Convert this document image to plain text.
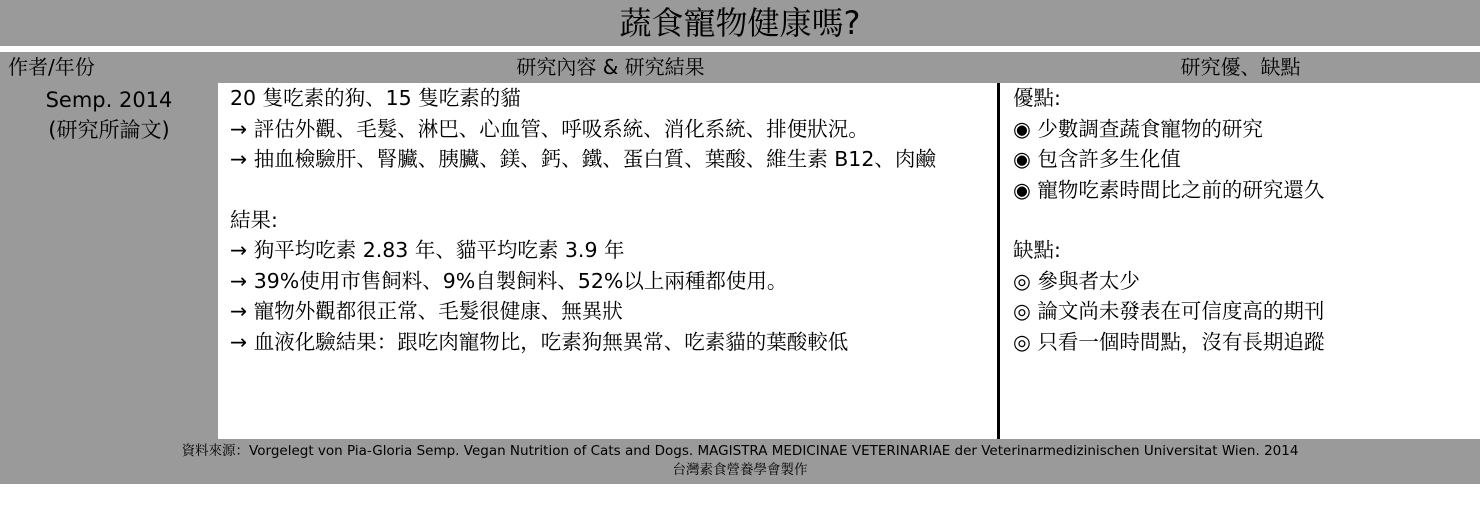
蔬食寵物健康嗎?
作者/年份	研究內容 & 研究結果	研究優、缺點
Semp. 2014
(研究所論文)
20 隻吃素的狗、15 隻吃素的貓
→ 評估外觀、毛髮、淋巴、心血管、呼吸系統、消化系統、排便狀況。
→ 抽血檢驗肝、腎臟、胰臟、鎂、鈣、鐵、蛋白質、葉酸、維生素 B12、肉鹼
結果:
→ 狗平均吃素 2.83 年、貓平均吃素 3.9 年
→ 39%使用市售飼料、9%自製飼料、52%以上兩種都使用。
→ 寵物外觀都很正常、毛髮很健康、無異狀
→ 血液化驗結果：跟吃肉寵物比，吃素狗無異常、吃素貓的葉酸較低
優點:
◉ 少數調查蔬食寵物的研究
◉ 包含許多生化值
◉ 寵物吃素時間比之前的研究還久
缺點:
◎ 參與者太少
◎ 論文尚未發表在可信度高的期刊
◎ 只看一個時間點，沒有長期追蹤
資料來源：Vorgelegt von Pia-Gloria Semp. Vegan Nutrition of Cats and Dogs. MAGISTRA MEDICINAE VETERINARIAE der Veterinarmedizinischen Universitat Wien. 2014
台灣素食營養學會製作
